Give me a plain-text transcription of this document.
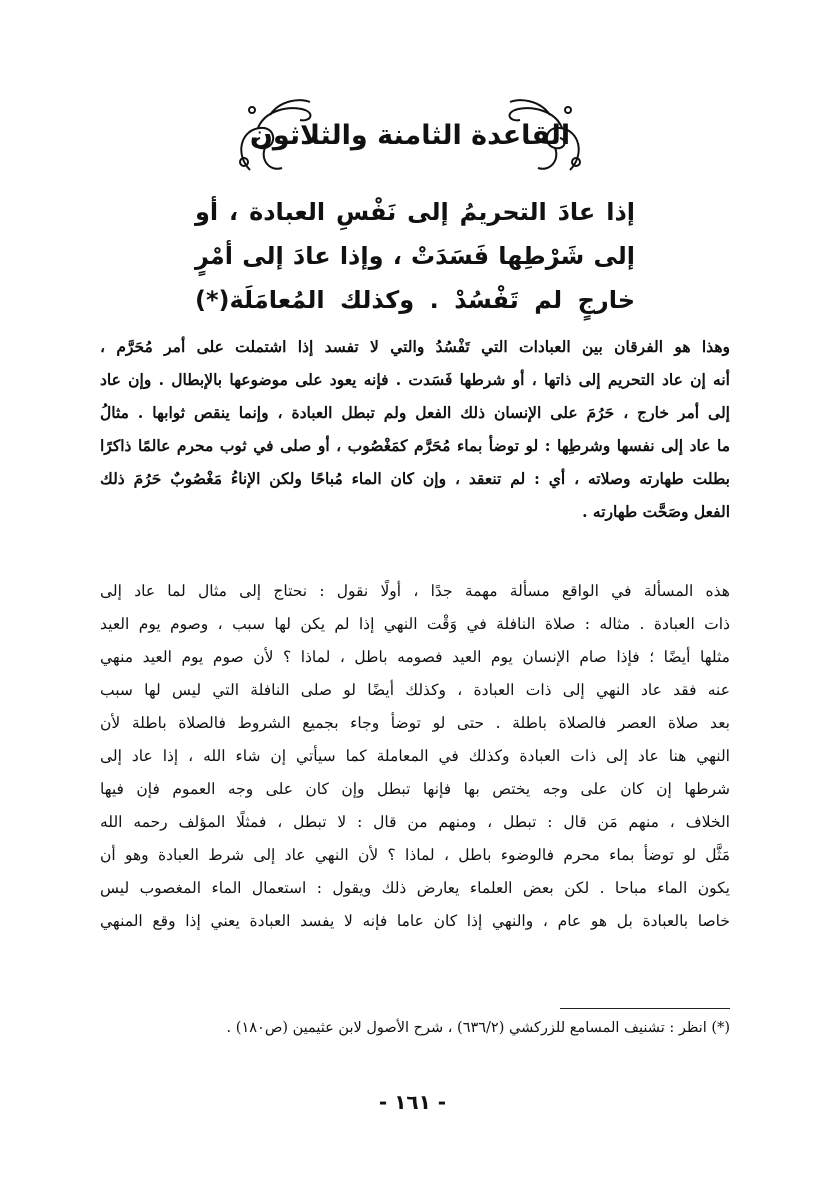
القاعدة الثامنة والثلاثون
إذا عادَ التحريمُ إلى نَفْسِ العبادة ، أو
إلى شَرْطِها فَسَدَتْ ، وإذا عادَ إلى أمْرٍ
خارجٍ لم تَفْسُدْ . وكذلك المُعامَلَة(*)
وهذا هو الفرقان بين العبادات التي تَفْسُدُ والتي لا تفسد إذا اشتملت على أمر مُحَرَّم ،
أنه إن عاد التحريم إلى ذاتها ، أو شرطها فَسَدت . فإنه يعود على موضوعها بالإبطال . وإن عاد
إلى أمر خارج ، حَرُمَ على الإنسان ذلك الفعل ولم تبطل العبادة ، وإنما ينقص ثوابها . مثالُ
ما عاد إلى نفسها وشرطِها : لو توضأ بماء مُحَرَّم كمَغْصُوب ، أو صلى في ثوب محرم عالمًا ذاكرًا
بطلت طهارته وصلاته ، أي : لم تنعقد ، وإن كان الماء مُباحًا ولكن الإناءُ مَغْصُوبٌ حَرُمَ ذلك
الفعل وصَحَّت طهارته .
هذه المسألة في الواقع مسألة مهمة جدًا ، أولًا نقول : نحتاج إلى مثال لما عاد إلى
ذات العبادة . مثاله : صلاة النافلة في وَقْت النهي إذا لم يكن لها سبب ، وصوم يوم العيد
مثلها أيضًا ؛ فإذا صام الإنسان يوم العيد فصومه باطل ، لماذا ؟ لأن صوم يوم العيد منهي
عنه فقد عاد النهي إلى ذات العبادة ، وكذلك أيضًا لو صلى النافلة التي ليس لها سبب
بعد صلاة العصر فالصلاة باطلة . حتى لو توضأ وجاء بجميع الشروط فالصلاة باطلة لأن
النهي هنا عاد إلى ذات العبادة وكذلك في المعاملة كما سيأتي إن شاء الله ، إذا عاد إلى
شرطها إن كان على وجه يختص بها فإنها تبطل وإن كان على وجه العموم فإن فيها
الخلاف ، منهم مَن قال : تبطل ، ومنهم من قال : لا تبطل ، فمثلًا المؤلف رحمه الله
مَثَّل لو توضأ بماء محرم فالوضوء باطل ، لماذا ؟ لأن النهي عاد إلى شرط العبادة وهو أن
يكون الماء مباحا . لكن بعض العلماء يعارض ذلك ويقول : استعمال الماء المغصوب ليس
خاصا بالعبادة بل هو عام ، والنهي إذا كان عاما فإنه لا يفسد العبادة يعني إذا وقع المنهي
(*) انظر : تشنيف المسامع للزركشي (٦٣٦/٢) ، شرح الأصول لابن عثيمين (ص١٨٠) .
- ١٦١ -
